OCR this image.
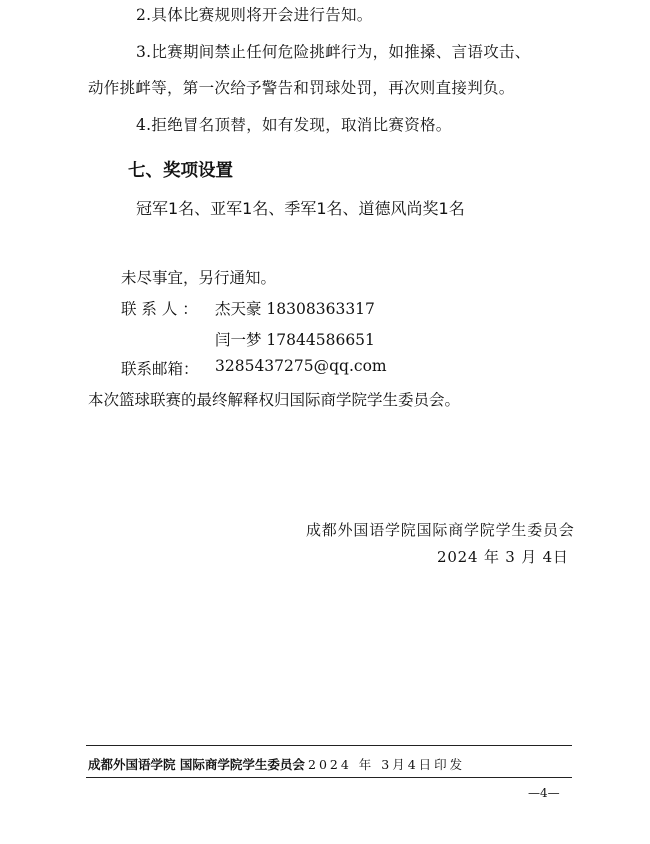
2.具体比赛规则将开会进行告知。
3.比赛期间禁止任何危险挑衅行为，如推搡、言语攻击、
动作挑衅等，第一次给予警告和罚球处罚，再次则直接判负。
4.拒绝冒名顶替，如有发现，取消比赛资格。
七、奖项设置
冠军1名、亚军1名、季军1名、道德风尚奖1名
未尽事宜，另行通知。
联 系 人 ： 杰天豪 18308363317
闫一梦 17844586651
联系邮箱： 3285437275@qq.com
本次篮球联赛的最终解释权归国际商学院学生委员会。
成都外国语学院国际商学院学生委员会
2024 年 3 月 4日
成都外国语学院 国际商学院学生委员会 2024 年 3月4日印发
—4—
